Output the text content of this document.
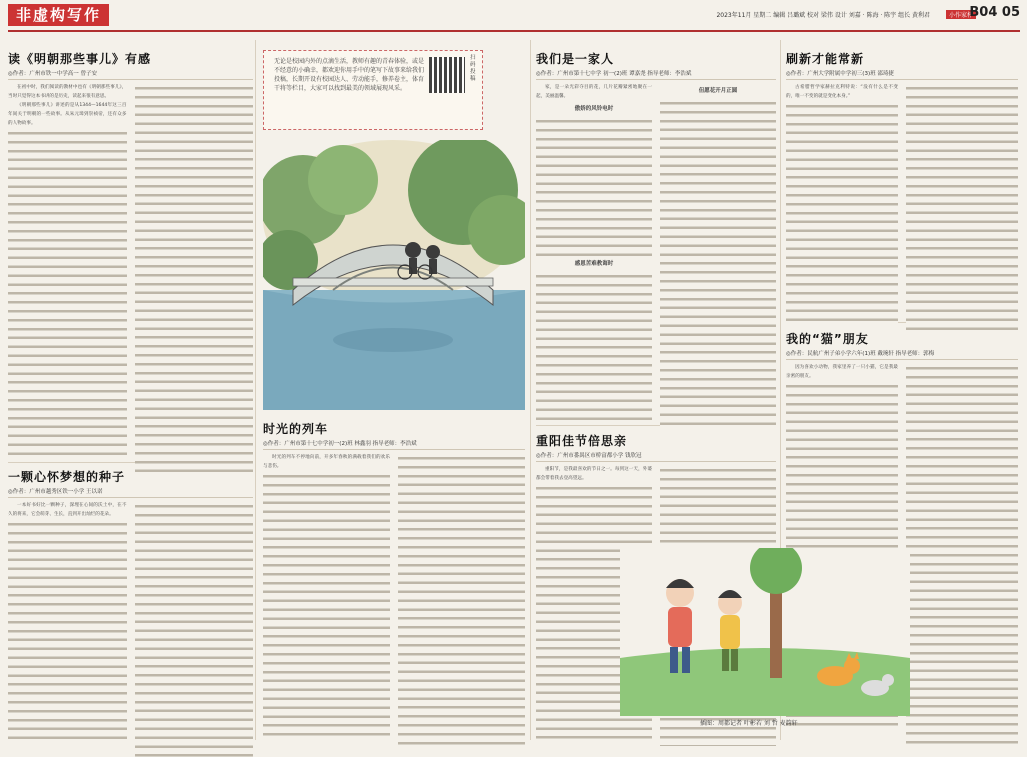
非虚构写作	2023年11月 星期二 编辑 吕璐斌 校对 梁伟 设计 刘嘉 · 陈海 · 陈宇 组长 黄利君	小作家杯
B04 05
读《明朝那些事儿》有感
◎作者：广州市铁一中学高一 曾子安

在初中时，我们阅读的教材中也有《明朝那些事儿》，当时只觉得这本书讲的是历史，读起来很有意思。

《明朝那些事儿》讲述的是从1344—1644年这三百年间关于明朝的一些故事。从朱元璋到崇祯帝，还有众多的人物故事。

一颗心怀梦想的种子
◎作者：广州市越秀区铁一小学 王以诺

一本好书好比一颗种子，深埋在心间的沃土中，在不久的将来，它会萌芽、生长，直到开出灿烂的花朵。

无论是校园内外的点滴生活，教师有趣的青春体验，或是不经意的小确幸，都欢迎你用手中的笔写下故事来给我们投稿，长期开设有校园达人、劳动能手，修养卷主，体育干将等栏目，大家可以找到最美的领域展现风采。
扫码投稿
时光的列车
◎作者：广州市第十七中学初一(2)班 林鑫羽 指导老师：李浩斌

时光的列车不停地向前，开多年春秋的满载着我们的欢乐与悲伤。

我们是一家人
◎作者：广州市第十七中学 初一(2)班 谭嘉尧 指导老师：李浩斌

家，是一朵光彩夺目的花，几片花瓣紧密地聚在一起，美丽温馨。

傲娇的风铃电时
感恩苦难教诲时
但愿花开月正圆
重阳佳节倍思亲
◎作者：广州市番禺区市桥富都小学 钱欣冠

重阳节，是我最喜欢的节日之一。每到这一天，外婆都会带着我去登高望远。

刷新才能常新
◎作者：广州大学附属中学初三(3)班 邵琦捷

古希腊哲学家赫拉克利特说：“没有什么是不变的，唯一不变的就是变化本身。”

我的“猫”朋友
◎作者：民航广州子弟小学六年(1)班 戴琬轩 指导老师：郭梅

因为喜欢小动物，我家里养了一只小猫，它是我最亲密的朋友。

插图：周都记者 叶彬若 刘 哲 麦韵轩
